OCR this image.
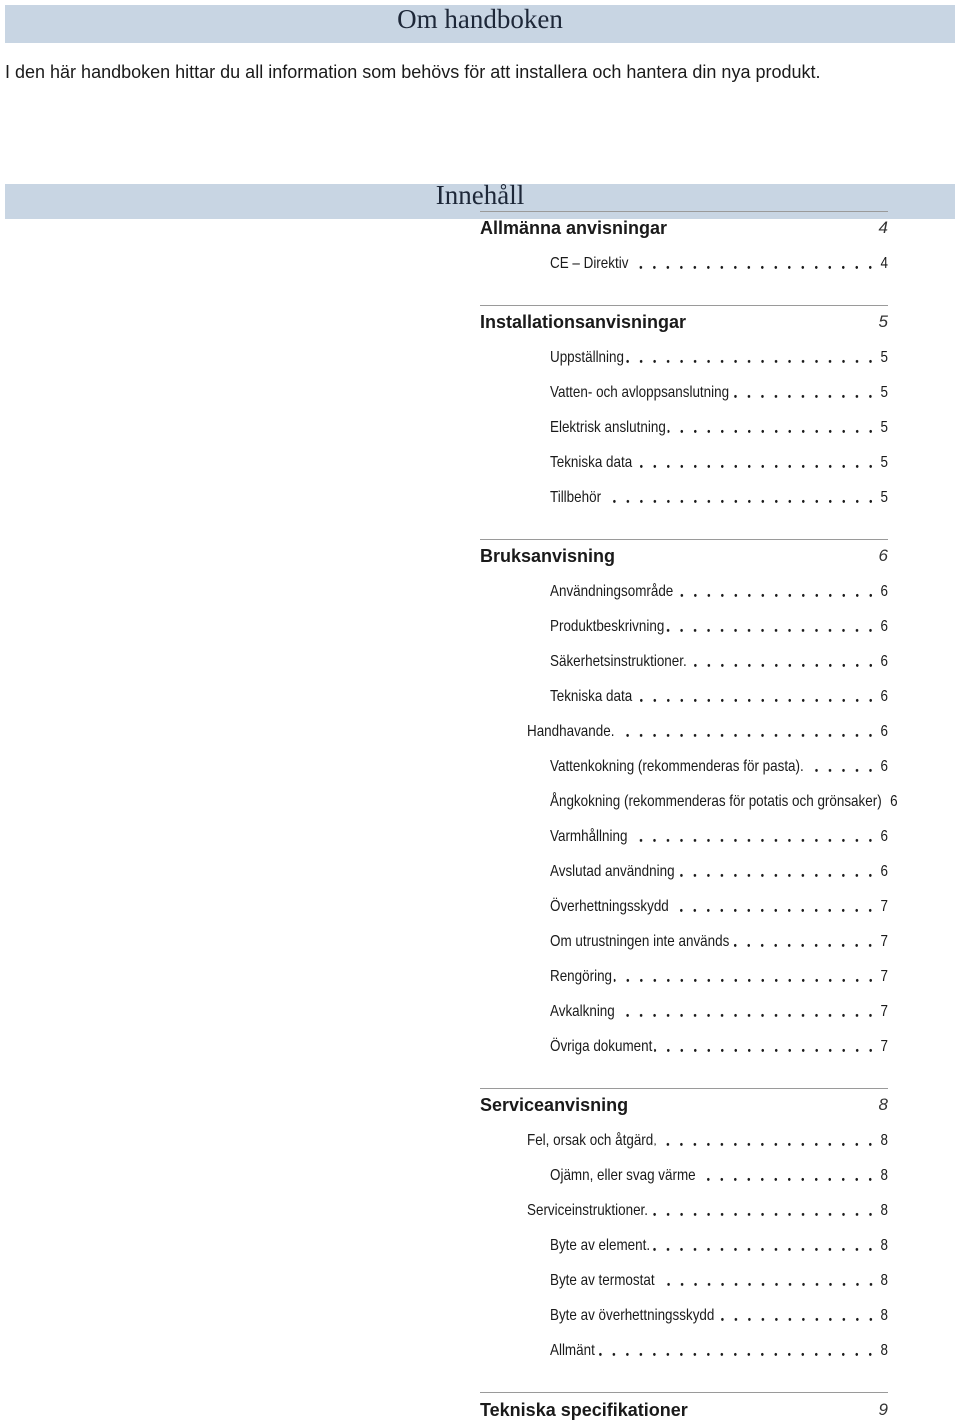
Om handboken
I den här handboken hittar du all information som behövs för att installera och hantera din nya produkt.
Innehåll
Allmänna anvisningar	4
CE – Direktiv	4
Installationsanvisningar	5
Uppställning	5
Vatten- och avloppsanslutning	5
Elektrisk anslutning	5
Tekniska data	5
Tillbehör	5
Bruksanvisning	6
Användningsområde	6
Produktbeskrivning	6
Säkerhetsinstruktioner.	6
Tekniska data	6
Handhavande.	6
Vattenkokning (rekommenderas för pasta).	6
Ångkokning (rekommenderas för potatis och grönsaker) 6
Varmhållning	6
Avslutad användning	6
Överhettningsskydd	7
Om utrustningen inte används	7
Rengöring	7
Avkalkning	7
Övriga dokument	7
Serviceanvisning	8
Fel, orsak och åtgärd	8
Ojämn, eller svag värme	8
Serviceinstruktioner.	8
Byte av element.	8
Byte av termostat	8
Byte av överhettningsskydd	8
Allmänt	8
Tekniska specifikationer	9
